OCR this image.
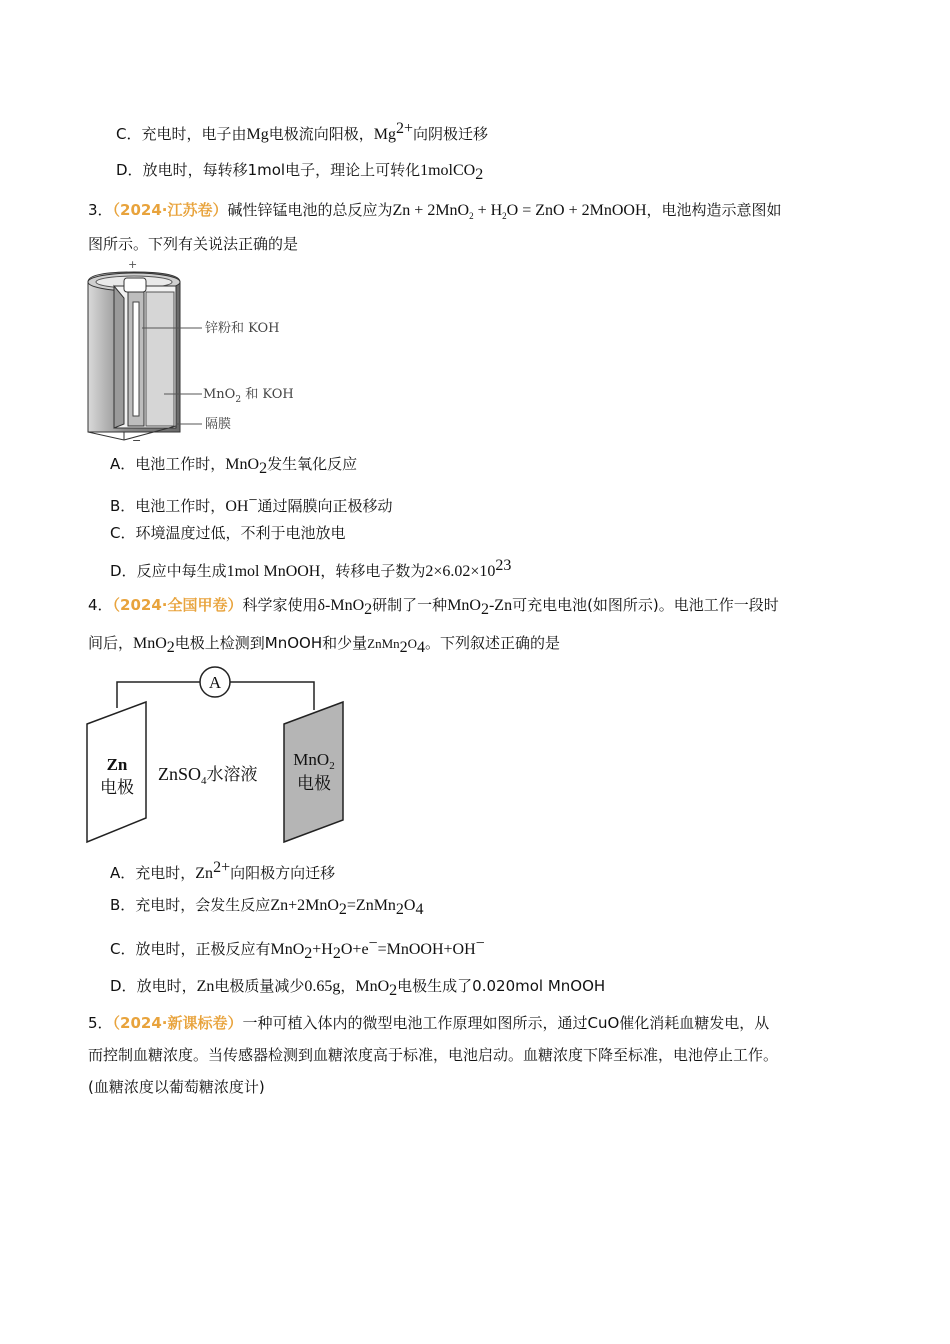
C．充电时，电子由Mg电极流向阳极，$Mg^{2+}$向阴极迁移
D．放电时，每转移1mol电子，理论上可转化1molCO$_2$
3．（2024·江苏卷）碱性锌锰电池的总反应为$Zn + 2MnO_2 + H_2O$ = ZnO + 2MnOOH，电池构造示意图如
图所示。下列有关说法正确的是
+
−
锌粉和 KOH
MnO$_2$ 和 KOH
隔膜
A．电池工作时，MnO$_2$发生氧化反应
B．电池工作时，OH−通过隔膜向正极移动
C．环境温度过低，不利于电池放电
D．反应中每生成1mol MnOOH，转移电子数为$2\times 6.02\times 10^{23}$
4．（2024·全国甲卷）科学家使用δ-MnO$_2$研制了一种MnO$_2$-Zn可充电电池(如图所示)。电池工作一段时
间后，MnO$_2$电极上检测到MnOOH和少量$ZnMn_2O_4$。下列叙述正确的是
A
Zn
电极
MnO$_2$
电极
ZnSO$_4$水溶液
A．充电时，$Zn^{2+}$向阳极方向迁移
B．充电时，会发生反应$Zn+2MnO_2=ZnMn_2O_4$
C．放电时，正极反应有$MnO_2+H_2O+e^-=MnOOH+OH^-$
D．放电时，Zn电极质量减少0.65g，MnO$_2$电极生成了0.020mol MnOOH
5．（2024·新课标卷）一种可植入体内的微型电池工作原理如图所示，通过CuO催化消耗血糖发电，从
而控制血糖浓度。当传感器检测到血糖浓度高于标准，电池启动。血糖浓度下降至标准，电池停止工作。
(血糖浓度以葡萄糖浓度计)
